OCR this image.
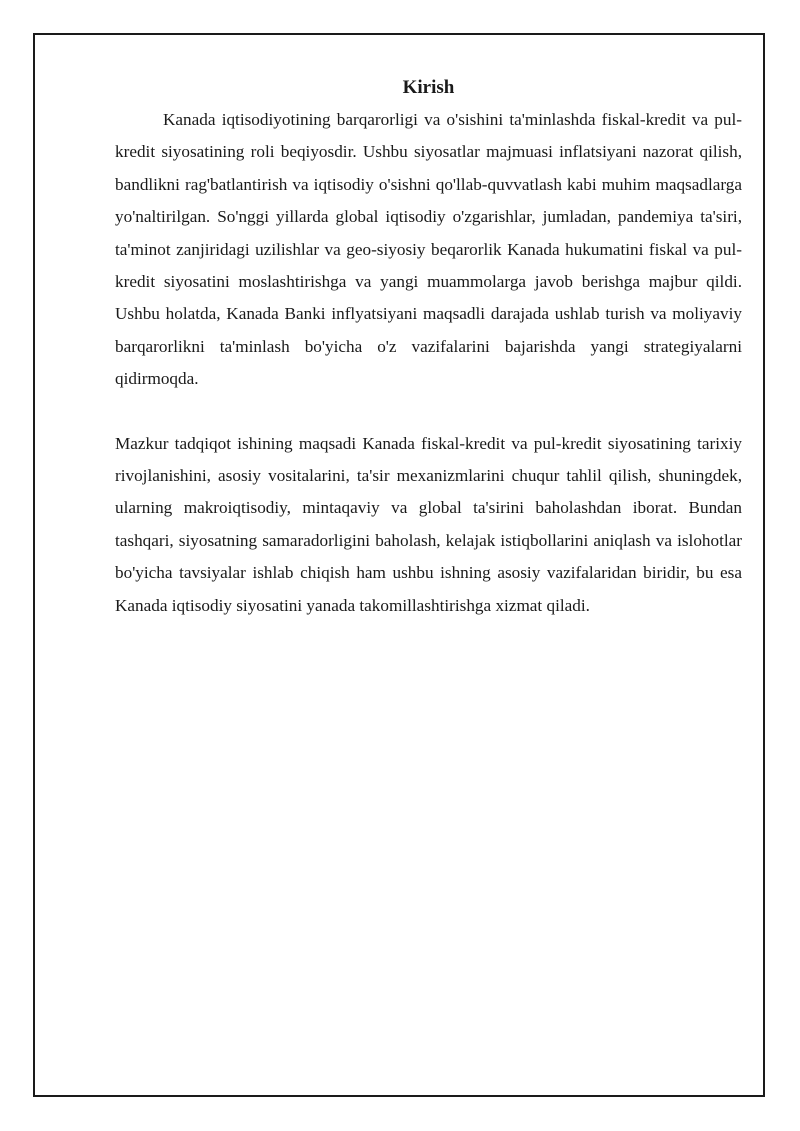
Kirish

Kanada iqtisodiyotining barqarorligi va o'sishini ta'minlashda fiskal-kredit va pul-kredit siyosatining roli beqiyosdir. Ushbu siyosatlar majmuasi inflatsiyani nazorat qilish, bandlikni rag'batlantirish va iqtisodiy o'sishni qo'llab-quvvatlash kabi muhim maqsadlarga yo'naltirilgan. So'nggi yillarda global iqtisodiy o'zgarishlar, jumladan, pandemiya ta'siri, ta'minot zanjiridagi uzilishlar va geo-siyosiy beqarorlik Kanada hukumatini fiskal va pul-kredit siyosatini moslashtirishga va yangi muammolarga javob berishga majbur qildi. Ushbu holatda, Kanada Banki inflyatsiyani maqsadli darajada ushlab turish va moliyaviy barqarorlikni ta'minlash bo'yicha o'z vazifalarini bajarishda yangi strategiyalarni qidirmoqda.

Mazkur tadqiqot ishining maqsadi Kanada fiskal-kredit va pul-kredit siyosatining tarixiy rivojlanishini, asosiy vositalarini, ta'sir mexanizmlarini chuqur tahlil qilish, shuningdek, ularning makroiqtisodiy, mintaqaviy va global ta'sirini baholashdan iborat. Bundan tashqari, siyosatning samaradorligini baholash, kelajak istiqbollarini aniqlash va islohotlar bo'yicha tavsiyalar ishlab chiqish ham ushbu ishning asosiy vazifalaridan biridir, bu esa Kanada iqtisodiy siyosatini yanada takomillashtirishga xizmat qiladi.
